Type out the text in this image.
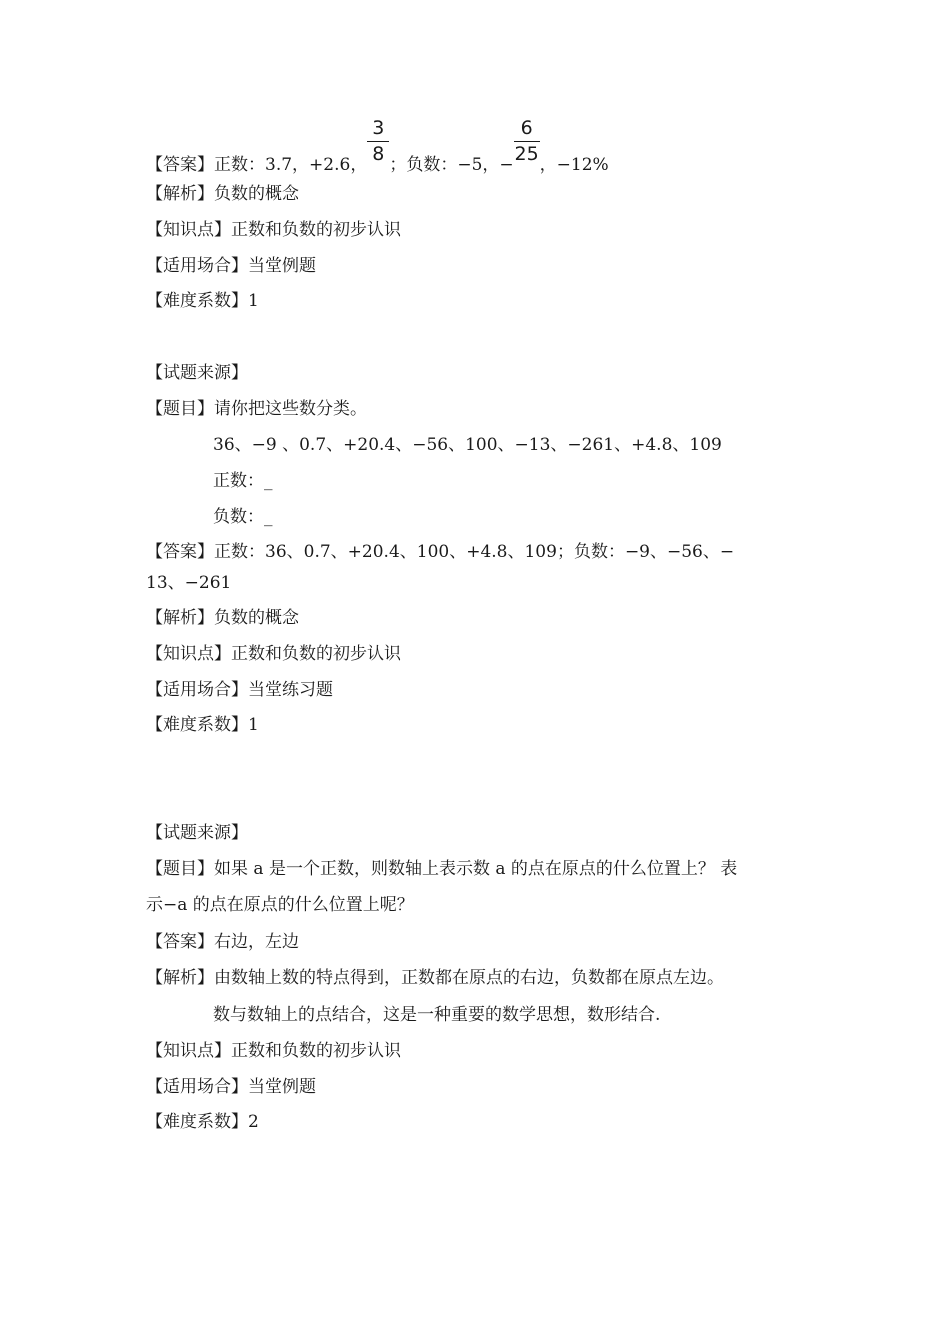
【答案】正数：3.7，+2.6， $\frac{3}{8}$ ；负数：−5，− $\frac{6}{25}$ ，−12%
【解析】负数的概念
【知识点】正数和负数的初步认识
【适用场合】当堂例题
【难度系数】1
【试题来源】
【题目】请你把这些数分类。
36、−9 、0.7、+20.4、−56、100、−13、−261、+4.8、109
正数：_
负数：_
【答案】正数：36、0.7、+20.4、100、+4.8、109；负数：−9、−56、−
13、−261
【解析】负数的概念
【知识点】正数和负数的初步认识
【适用场合】当堂练习题
【难度系数】1
【试题来源】
【题目】如果 a 是一个正数，则数轴上表示数 a 的点在原点的什么位置上？ 表
示−a 的点在原点的什么位置上呢？
【答案】右边，左边
【解析】由数轴上数的特点得到，正数都在原点的右边，负数都在原点左边。
数与数轴上的点结合，这是一种重要的数学思想，数形结合.
【知识点】正数和负数的初步认识
【适用场合】当堂例题
【难度系数】2
